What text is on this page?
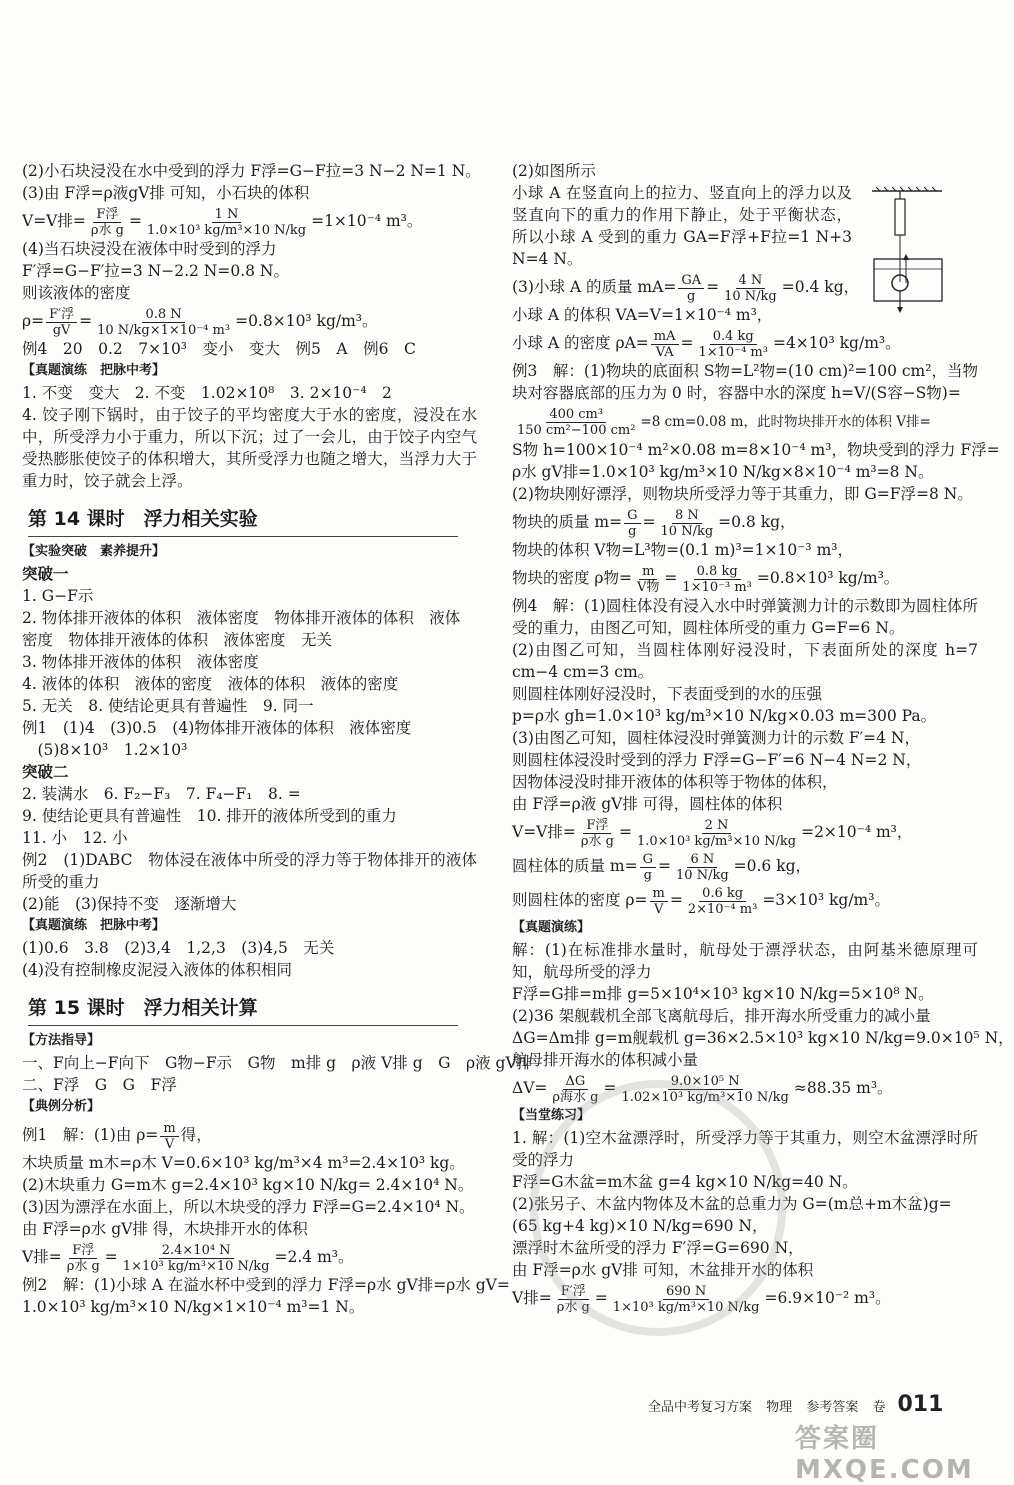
(2)小石块浸没在水中受到的浮力 F浮=G−F拉=3 N−2 N=1 N。
(3)由 F浮=ρ液gV排 可知，小石块的体积
V=V排= $\frac{\text{F浮}}{\text{ρ水 g}} = \frac{1 N}{\text{1.0×10³ kg/m³×10 N/kg}} =1\times 10^{-4}$ m³。
(4)当石块浸没在液体中时受到的浮力
F′浮=G−F′拉=3 N−2.2 N=0.8 N。
则该液体的密度
$\rho= \frac{\text{F′浮}}{gV} = \frac{0.8 N}{\text{10 N/kg×1×10⁻⁴ m³}} =0.8\times 10^3$ kg/m³。
例4　20　0.2　7×10³　变小　变大　例5　A　例6　C
【真题演练　把脉中考】
1. 不变　变大　2. 不变　1.02×10⁸　3. 2×10⁻⁴　2
4. 饺子刚下锅时，由于饺子的平均密度大于水的密度，浸没在水中，所受浮力小于重力，所以下沉；过了一会儿，由于饺子内空气受热膨胀使饺子的体积增大，其所受浮力也随之增大，当浮力大于重力时，饺子就会上浮。
第 14 课时　浮力相关实验
【实验突破　素养提升】
突破一
1. G−F示
2. 物体排开液体的体积　液体密度　物体排开液体的体积　液体
密度　物体排开液体的体积　液体密度　无关
3. 物体排开液体的体积　液体密度
4. 液体的体积　液体的密度　液体的体积　液体的密度
5. 无关　8. 使结论更具有普遍性　9. 同一
例1　(1)4　(3)0.5　(4)物体排开液体的体积　液体密度
　(5)8×10³　1.2×10³
突破二
2. 装满水　6. F₂−F₃　7. F₄−F₁　8. =
9. 使结论更具有普遍性　10. 排开的液体所受到的重力
11. 小　12. 小
例2　(1)DABC　物体浸在液体中所受的浮力等于物体排开的液体所受的重力
(2)能　(3)保持不变　逐渐增大
【真题演练　把脉中考】
(1)0.6　3.8　(2)3,4　1,2,3　(3)4,5　无关
(4)没有控制橡皮泥浸入液体的体积相同
第 15 课时　浮力相关计算
【方法指导】
一、F向上−F向下　G物−F示　G物　m排 g　ρ液 V排 g　G　ρ液 gV排
二、F浮　G　G　F浮
【典例分析】
例1　解：(1)由 $\rho= \frac{m}{V}$ 得，
木块质量 m木=ρ木 V=0.6×10³ kg/m³×4 m³=2.4×10³ kg。
(2)木块重力 G=m木 g=2.4×10³ kg×10 N/kg= 2.4×10⁴ N。
(3)因为漂浮在水面上，所以木块受的浮力 F浮=G=2.4×10⁴ N。
由 F浮=ρ水 gV排 得，木块排开水的体积
V排= $\frac{\text{F浮}}{\text{ρ水 g}} = \frac{\text{2.4×10⁴ N}}{\text{1×10³ kg/m³×10 N/kg}} =2.4$ m³。
例2　解：(1)小球 A 在溢水杯中受到的浮力 F浮=ρ水 gV排=ρ水 gV=
1.0×10³ kg/m³×10 N/kg×1×10⁻⁴ m³=1 N。
(2)如图所示
小球 A 在竖直向上的拉力、竖直向上的浮力以及竖直向下的重力的作用下静止，处于平衡状态，所以小球 A 受到的重力 GA=F浮+F拉=1 N+3 N=4 N。
(3)小球 A 的质量 $mA= \frac{GA}{g} = \frac{4 N}{10 N/kg} =0.4$ kg，
小球 A 的体积 VA=V=1×10⁻⁴ m³，
小球 A 的密度 $\rho A= \frac{mA}{VA} = \frac{0.4 kg}{\text{1×10⁻⁴ m³}} =4\times 10^3$ kg/m³。
例3　解：(1)物块的底面积 S物=L²物=(10 cm)²=100 cm²，当物块对容器底部的压力为 0 时，容器中水的深度 h=V/(S容−S物)=
$\frac{\text{400 cm³}}{\text{150 cm²−100 cm²}} =8$ cm=0.08 m，此时物块排开水的体积 V排=
S物 h=100×10⁻⁴ m²×0.08 m=8×10⁻⁴ m³，物块受到的浮力 F浮=
ρ水 gV排=1.0×10³ kg/m³×10 N/kg×8×10⁻⁴ m³=8 N。
(2)物块刚好漂浮，则物块所受浮力等于其重力，即 G=F浮=8 N。
物块的质量 $m= \frac{G}{g} = \frac{8 N}{10 N/kg} =0.8$ kg，
物块的体积 V物=L³物=(0.1 m)³=1×10⁻³ m³，
物块的密度 ρ物= $\frac{m}{\text{V物}} = \frac{0.8 kg}{\text{1×10⁻³ m³}} =0.8\times 10^3$ kg/m³。
例4　解：(1)圆柱体没有浸入水中时弹簧测力计的示数即为圆柱体所受的重力，由图乙可知，圆柱体所受的重力 G=F=6 N。
(2)由图乙可知，当圆柱体刚好浸没时，下表面所处的深度 h=7 cm−4 cm=3 cm。
则圆柱体刚好浸没时，下表面受到的水的压强
p=ρ水 gh=1.0×10³ kg/m³×10 N/kg×0.03 m=300 Pa。
(3)由图乙可知，圆柱体浸没时弹簧测力计的示数 F′=4 N，
则圆柱体浸没时受到的浮力 F浮=G−F′=6 N−4 N=2 N，
因物体浸没时排开液体的体积等于物体的体积，
由 F浮=ρ液 gV排 可得，圆柱体的体积
V=V排= $\frac{\text{F浮}}{\text{ρ水 g}} = \frac{2 N}{\text{1.0×10³ kg/m³×10 N/kg}} =2\times 10^{-4}$ m³，
圆柱体的质量 $m= \frac{G}{g} = \frac{6 N}{10 N/kg} =0.6$ kg，
则圆柱体的密度 $\rho= \frac{m}{V} = \frac{0.6 kg}{\text{2×10⁻⁴ m³}} =3\times 10^3$ kg/m³。
【真题演练】
解：(1)在标准排水量时，航母处于漂浮状态，由阿基米德原理可知，航母所受的浮力
F浮=G排=m排 g=5×10⁴×10³ kg×10 N/kg=5×10⁸ N。
(2)36 架舰载机全部飞离航母后，排开海水所受重力的减小量
ΔG=Δm排 g=m舰载机 g=36×2.5×10³ kg×10 N/kg=9.0×10⁵ N，
航母排开海水的体积减小量
$\Delta V= \frac{\Delta G}{\text{ρ海水 g}} = \frac{\text{9.0×10⁵ N}}{\text{1.02×10³ kg/m³×10 N/kg}} \approx 88.35$ m³。
【当堂练习】
1. 解：(1)空木盆漂浮时，所受浮力等于其重力，则空木盆漂浮时所受的浮力
F浮=G木盆=m木盆 g=4 kg×10 N/kg=40 N。
(2)张另子、木盆内物体及木盆的总重力为 G=(m总+m木盆)g=
(65 kg+4 kg)×10 N/kg=690 N，
漂浮时木盆所受的浮力 F′浮=G=690 N，
由 F浮=ρ水 gV排 可知，木盆排开水的体积
V排= $\frac{\text{F′浮}}{\text{ρ水 g}} = \frac{690 N}{\text{1×10³ kg/m³×10 N/kg}} =6.9\times 10^{-2}$ m³。
全品中考复习方案 物理 参考答案 卷 011
答案圈 MXQE.COM
